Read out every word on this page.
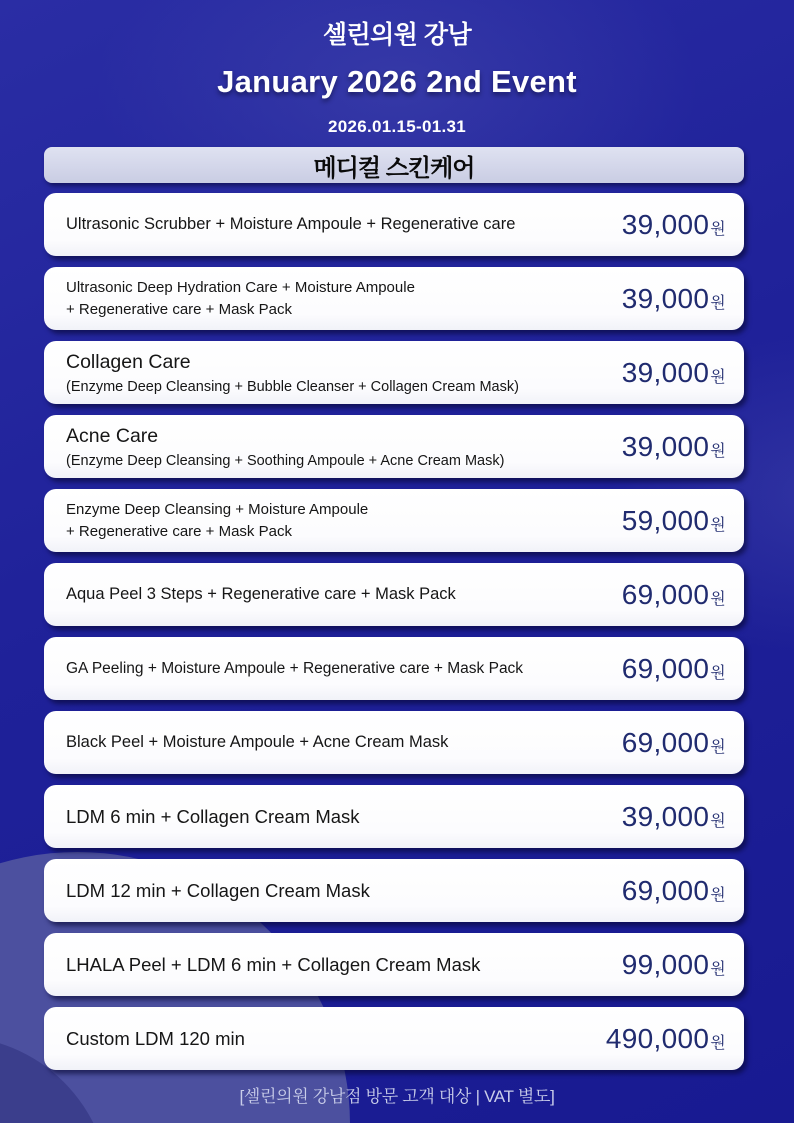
셀린의원 강남
January 2026 2nd Event
2026.01.15-01.31
메디컬 스킨케어
Ultrasonic Scrubber + Moisture Ampoule + Regenerative care	39,000원
Ultrasonic Deep Hydration Care + Moisture Ampoule
+ Regenerative care + Mask Pack	39,000원
Collagen Care
(Enzyme Deep Cleansing + Bubble Cleanser + Collagen Cream Mask)	39,000원
Acne Care
(Enzyme Deep Cleansing + Soothing Ampoule + Acne Cream Mask)	39,000원
Enzyme Deep Cleansing + Moisture Ampoule
+ Regenerative care + Mask Pack	59,000원
Aqua Peel 3 Steps + Regenerative care + Mask Pack	69,000원
GA Peeling + Moisture Ampoule + Regenerative care + Mask Pack	69,000원
Black Peel + Moisture Ampoule + Acne Cream Mask	69,000원
LDM 6 min + Collagen Cream Mask	39,000원
LDM 12 min + Collagen Cream Mask	69,000원
LHALA Peel + LDM 6 min + Collagen Cream Mask	99,000원
Custom LDM 120 min	490,000원
[셀린의원 강남점 방문 고객 대상 | VAT 별도]
